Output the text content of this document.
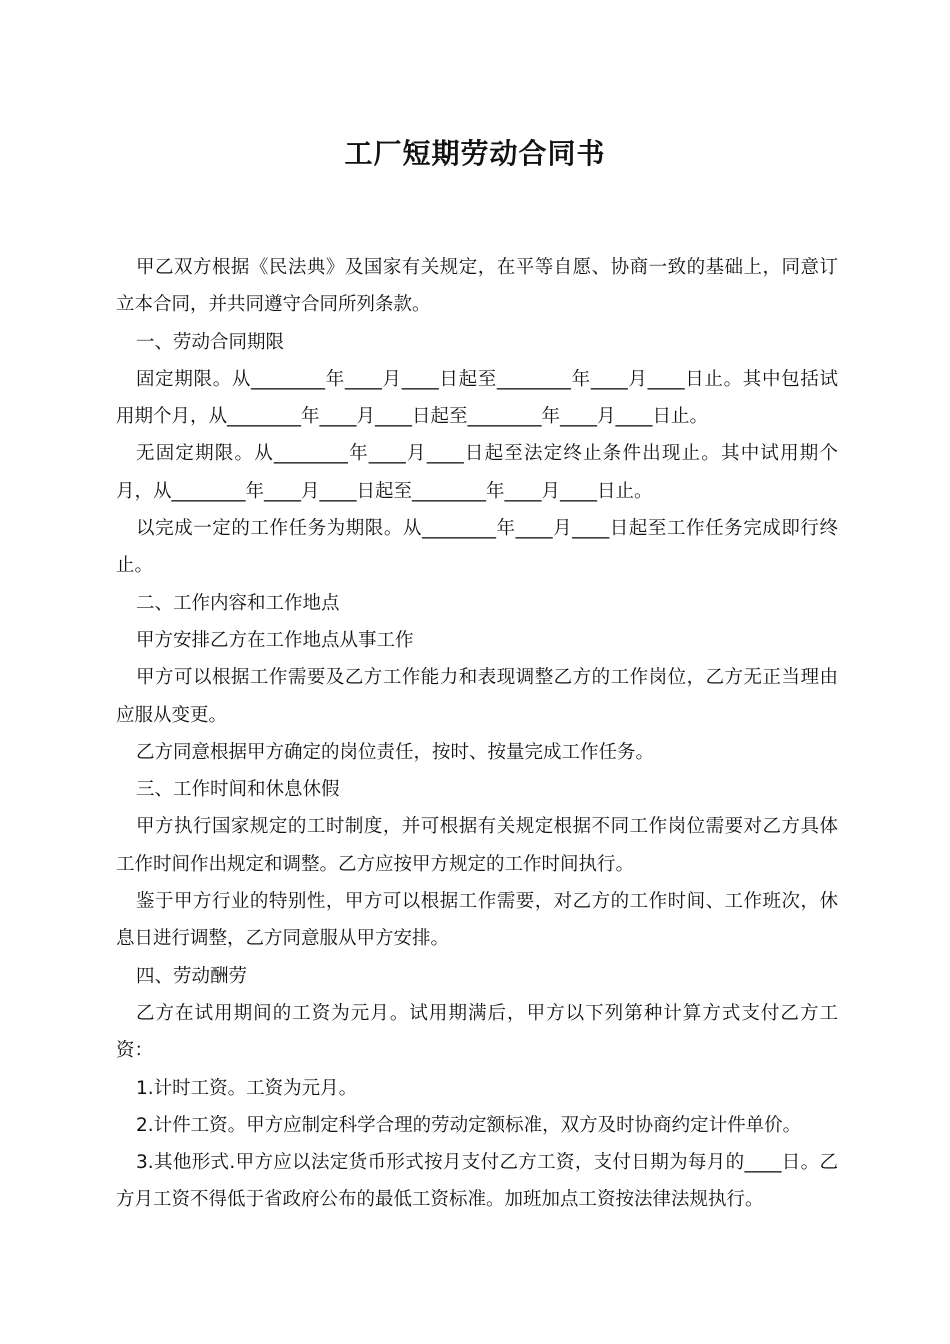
工厂短期劳动合同书

甲乙双方根据《民法典》及国家有关规定，在平等自愿、协商一致的基础上，同意订立本合同，并共同遵守合同所列条款。

一、劳动合同期限

固定期限。从________年____月____日起至________年____月____日止。其中包括试用期个月，从________年____月____日起至________年____月____日止。

无固定期限。从________年____月____日起至法定终止条件出现止。其中试用期个月，从________年____月____日起至________年____月____日止。

以完成一定的工作任务为期限。从________年____月____日起至工作任务完成即行终止。

二、工作内容和工作地点

甲方安排乙方在工作地点从事工作

甲方可以根据工作需要及乙方工作能力和表现调整乙方的工作岗位，乙方无正当理由应服从变更。

乙方同意根据甲方确定的岗位责任，按时、按量完成工作任务。

三、工作时间和休息休假

甲方执行国家规定的工时制度，并可根据有关规定根据不同工作岗位需要对乙方具体工作时间作出规定和调整。乙方应按甲方规定的工作时间执行。

鉴于甲方行业的特别性，甲方可以根据工作需要，对乙方的工作时间、工作班次，休息日进行调整，乙方同意服从甲方安排。

四、劳动酬劳

乙方在试用期间的工资为元月。试用期满后，甲方以下列第种计算方式支付乙方工资：

1.计时工资。工资为元月。

2.计件工资。甲方应制定科学合理的劳动定额标准，双方及时协商约定计件单价。

3.其他形式.甲方应以法定货币形式按月支付乙方工资，支付日期为每月的____日。乙方月工资不得低于省政府公布的最低工资标准。加班加点工资按法律法规执行。
